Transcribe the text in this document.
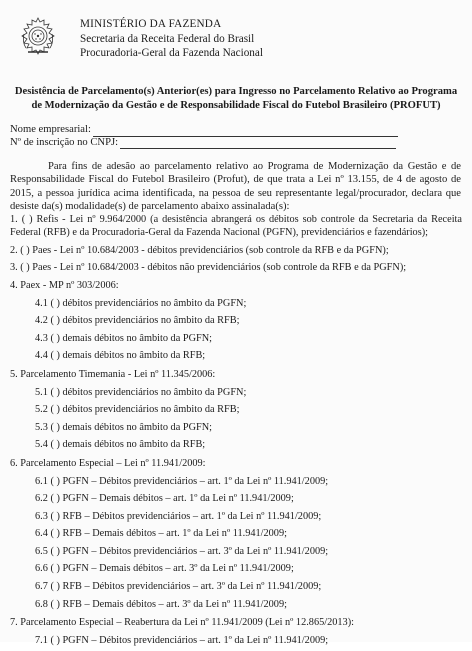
MINISTÉRIO DA FAZENDA
Secretaria da Receita Federal do Brasil
Procuradoria-Geral da Fazenda Nacional
Desistência de Parcelamento(s) Anterior(es) para Ingresso no Parcelamento Relativo ao Programa de Modernização da Gestão e de Responsabilidade Fiscal do Futebol Brasileiro (PROFUT)
Nome empresarial:
Nº de inscrição no CNPJ:
Para fins de adesão ao parcelamento relativo ao Programa de Modernização da Gestão e de Responsabilidade Fiscal do Futebol Brasileiro (Profut), de que trata a Lei nº 13.155, de 4 de agosto de 2015, a pessoa jurídica acima identificada, na pessoa de seu representante legal/procurador, declara que desiste da(s) modalidade(s) de parcelamento abaixo assinalada(s):
1. ( ) Refis - Lei nº 9.964/2000 (a desistência abrangerá os débitos sob controle da Secretaria da Receita Federal (RFB) e da Procuradoria-Geral da Fazenda Nacional (PGFN), previdenciários e fazendários);
2. ( ) Paes - Lei nº 10.684/2003 - débitos previdenciários (sob controle da RFB e da PGFN);
3. ( ) Paes - Lei nº 10.684/2003 - débitos não previdenciários (sob controle da RFB e da PGFN);
4. Paex - MP nº 303/2006:
4.1 ( ) débitos previdenciários no âmbito da PGFN;
4.2 ( ) débitos previdenciários no âmbito da RFB;
4.3 ( ) demais débitos no âmbito da PGFN;
4.4 ( ) demais débitos no âmbito da RFB;
5. Parcelamento Timemania - Lei nº 11.345/2006:
5.1 ( ) débitos previdenciários no âmbito da PGFN;
5.2 ( ) débitos previdenciários no âmbito da RFB;
5.3 ( ) demais débitos no âmbito da PGFN;
5.4 ( ) demais débitos no âmbito da RFB;
6. Parcelamento Especial – Lei nº 11.941/2009:
6.1 ( ) PGFN – Débitos previdenciários – art. 1º da Lei nº 11.941/2009;
6.2 ( ) PGFN – Demais débitos – art. 1º da Lei nº 11.941/2009;
6.3 ( ) RFB – Débitos previdenciários – art. 1º da Lei nº 11.941/2009;
6.4 ( ) RFB – Demais débitos – art. 1º da Lei nº 11.941/2009;
6.5 ( ) PGFN – Débitos previdenciários – art. 3º da Lei nº 11.941/2009;
6.6 ( ) PGFN – Demais débitos – art. 3º da Lei nº 11.941/2009;
6.7 ( ) RFB – Débitos previdenciários – art. 3º da Lei nº 11.941/2009;
6.8 ( ) RFB – Demais débitos – art. 3º da Lei nº 11.941/2009;
7. Parcelamento Especial – Reabertura da Lei nº 11.941/2009 (Lei nº 12.865/2013):
7.1 ( ) PGFN – Débitos previdenciários – art. 1º da Lei nº 11.941/2009;
